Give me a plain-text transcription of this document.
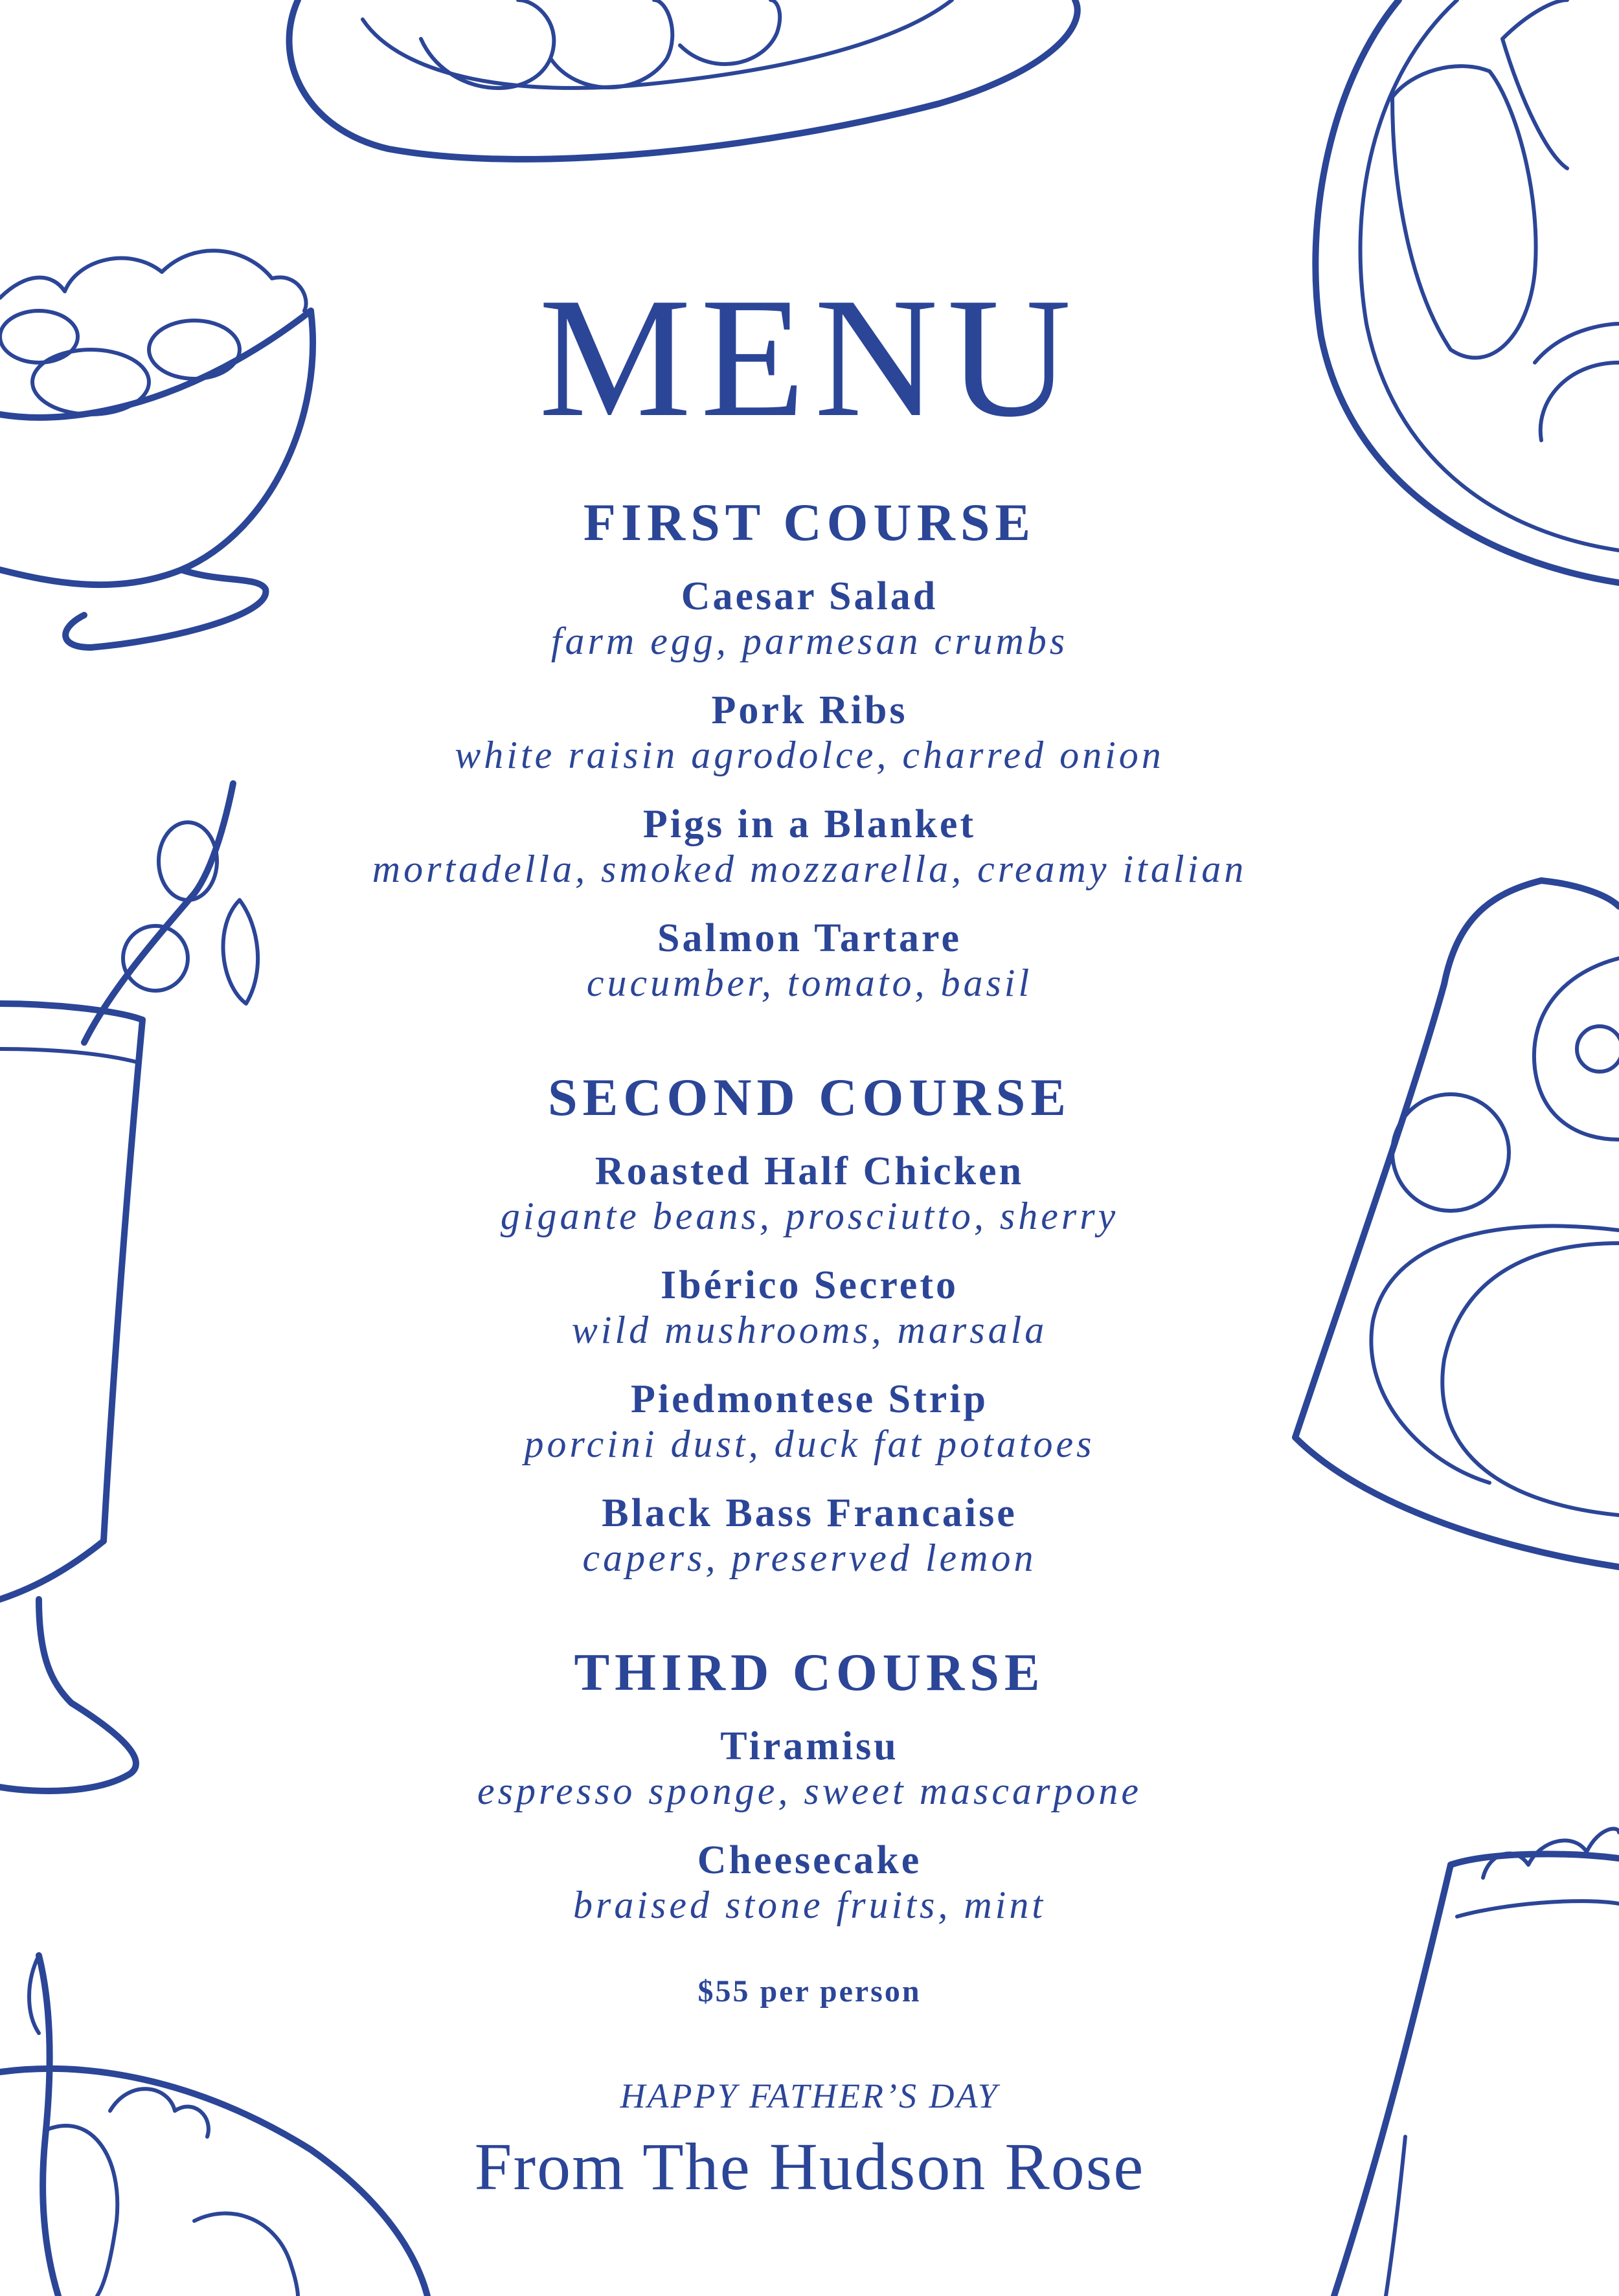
MENU
FIRST COURSE
Caesar Salad
farm egg, parmesan crumbs
Pork Ribs
white raisin agrodolce, charred onion
Pigs in a Blanket
mortadella, smoked mozzarella, creamy italian
Salmon Tartare
cucumber, tomato, basil
SECOND COURSE
Roasted Half Chicken
gigante beans, prosciutto, sherry
Ibérico Secreto
wild mushrooms, marsala
Piedmontese Strip
porcini dust, duck fat potatoes
Black Bass Francaise
capers, preserved lemon
THIRD COURSE
Tiramisu
espresso sponge, sweet mascarpone
Cheesecake
braised stone fruits, mint
$55 per person
HAPPY FATHER’S DAY
From The Hudson Rose
